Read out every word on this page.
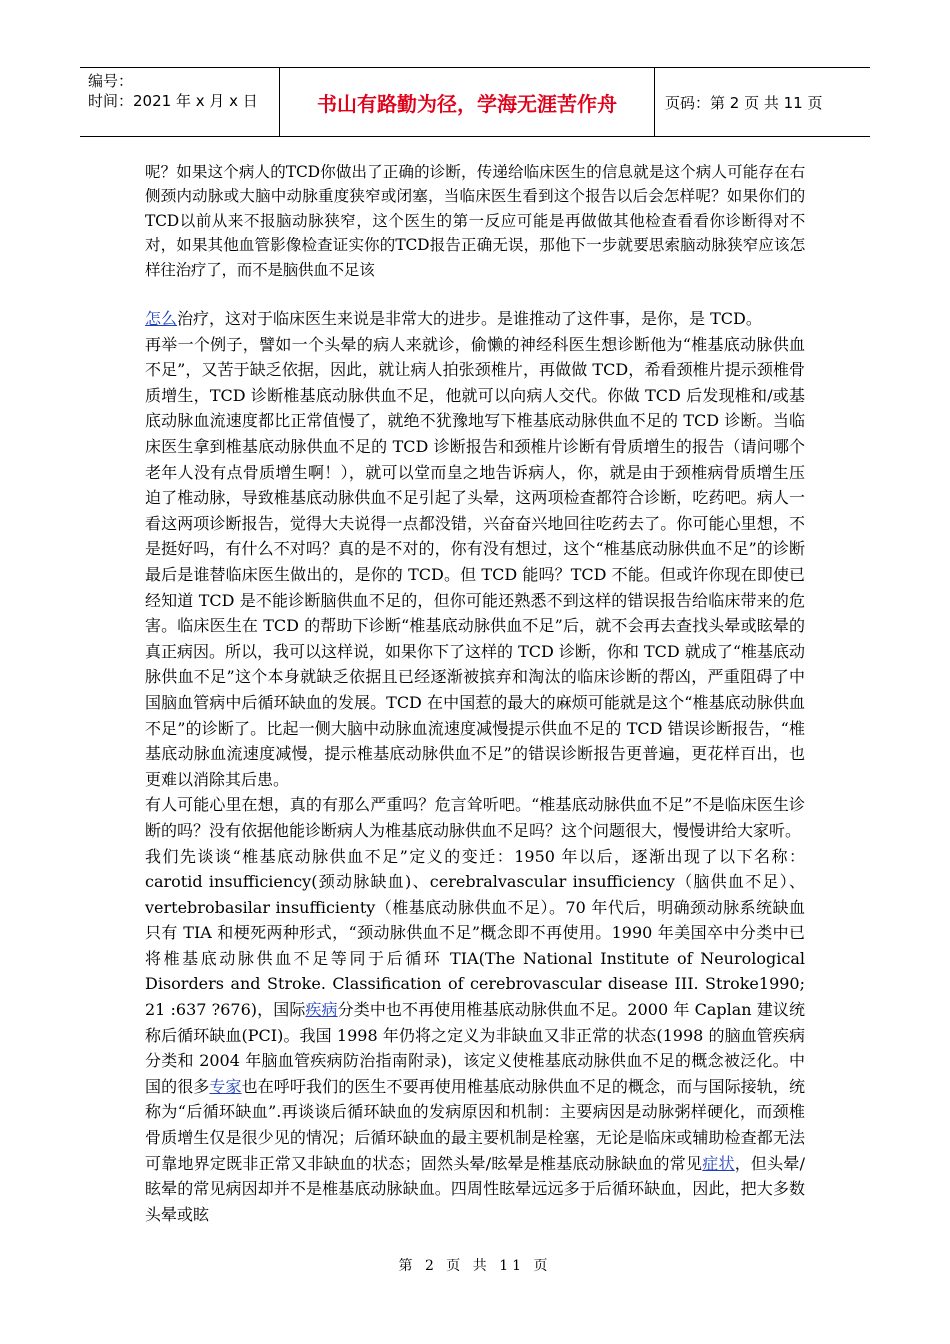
编号：
时间：2021 年 x 月 x 日	书山有路勤为径，学海无涯苦作舟	页码：第 2 页 共 11 页

呢？如果这个病人的TCD你做出了正确的诊断，传递给临床医生的信息就是这个病人可能存在右侧颈内动脉或大脑中动脉重度狭窄或闭塞，当临床医生看到这个报告以后会怎样呢？如果你们的TCD以前从来不报脑动脉狭窄，这个医生的第一反应可能是再做做其他检查看看你诊断得对不对，如果其他血管影像检查证实你的TCD报告正确无误，那他下一步就要思索脑动脉狭窄应该怎样往治疗了，而不是脑供血不足该

怎么治疗，这对于临床医生来说是非常大的进步。是谁推动了这件事，是你，是 TCD。

再举一个例子，譬如一个头晕的病人来就诊，偷懒的神经科医生想诊断他为“椎基底动脉供血不足”，又苦于缺乏依据，因此，就让病人拍张颈椎片，再做做 TCD，希看颈椎片提示颈椎骨质增生，TCD 诊断椎基底动脉供血不足，他就可以向病人交代。你做 TCD 后发现椎和/或基底动脉血流速度都比正常值慢了，就绝不犹豫地写下椎基底动脉供血不足的 TCD 诊断。当临床医生拿到椎基底动脉供血不足的 TCD 诊断报告和颈椎片诊断有骨质增生的报告（请问哪个老年人没有点骨质增生啊！），就可以堂而皇之地告诉病人，你，就是由于颈椎病骨质增生压迫了椎动脉，导致椎基底动脉供血不足引起了头晕，这两项检查都符合诊断，吃药吧。病人一看这两项诊断报告，觉得大夫说得一点都没错，兴奋奋兴地回往吃药去了。你可能心里想，不是挺好吗，有什么不对吗？真的是不对的，你有没有想过，这个“椎基底动脉供血不足”的诊断最后是谁替临床医生做出的，是你的 TCD。但 TCD 能吗？TCD 不能。但或许你现在即使已经知道 TCD 是不能诊断脑供血不足的，但你可能还熟悉不到这样的错误报告给临床带来的危害。临床医生在 TCD 的帮助下诊断“椎基底动脉供血不足”后，就不会再去查找头晕或眩晕的真正病因。所以，我可以这样说，如果你下了这样的 TCD 诊断，你和 TCD 就成了“椎基底动脉供血不足”这个本身就缺乏依据且已经逐渐被摈弃和淘汰的临床诊断的帮凶，严重阻碍了中国脑血管病中后循环缺血的发展。TCD 在中国惹的最大的麻烦可能就是这个“椎基底动脉供血不足”的诊断了。比起一侧大脑中动脉血流速度减慢提示供血不足的 TCD 错误诊断报告，“椎基底动脉血流速度减慢，提示椎基底动脉供血不足”的错误诊断报告更普遍，更花样百出，也更难以消除其后患。

有人可能心里在想，真的有那么严重吗？危言耸听吧。“椎基底动脉供血不足”不是临床医生诊断的吗？没有依据他能诊断病人为椎基底动脉供血不足吗？这个问题很大，慢慢讲给大家听。

我们先谈谈“椎基底动脉供血不足”定义的变迁：1950 年以后，逐渐出现了以下名称：carotid insufficiency(颈动脉缺血)、cerebralvascular insufficiency（脑供血不足）、vertebrobasilar insufficienty（椎基底动脉供血不足）。70 年代后，明确颈动脉系统缺血只有 TIA 和梗死两种形式，“颈动脉供血不足”概念即不再使用。1990 年美国卒中分类中已将椎基底动脉供血不足等同于后循环 TIA(The National Institute of Neurological Disorders and Stroke. Classification of cerebrovascular disease III. Stroke1990; 21 :637 ?676)，国际疾病分类中也不再使用椎基底动脉供血不足。2000 年 Caplan 建议统称后循环缺血(PCI)。我国 1998 年仍将之定义为非缺血又非正常的状态(1998 的脑血管疾病分类和 2004 年脑血管疾病防治指南附录)，该定义使椎基底动脉供血不足的概念被泛化。中国的很多专家也在呼吁我们的医生不要再使用椎基底动脉供血不足的概念，而与国际接轨，统称为“后循环缺血”.再谈谈后循环缺血的发病原因和机制：主要病因是动脉粥样硬化，而颈椎骨质增生仅是很少见的情况；后循环缺血的最主要机制是栓塞，无论是临床或辅助检查都无法可靠地界定既非正常又非缺血的状态；固然头晕/眩晕是椎基底动脉缺血的常见症状，但头晕/眩晕的常见病因却并不是椎基底动脉缺血。四周性眩晕远远多于后循环缺血，因此，把大多数头晕或眩

第 2 页 共 11 页
